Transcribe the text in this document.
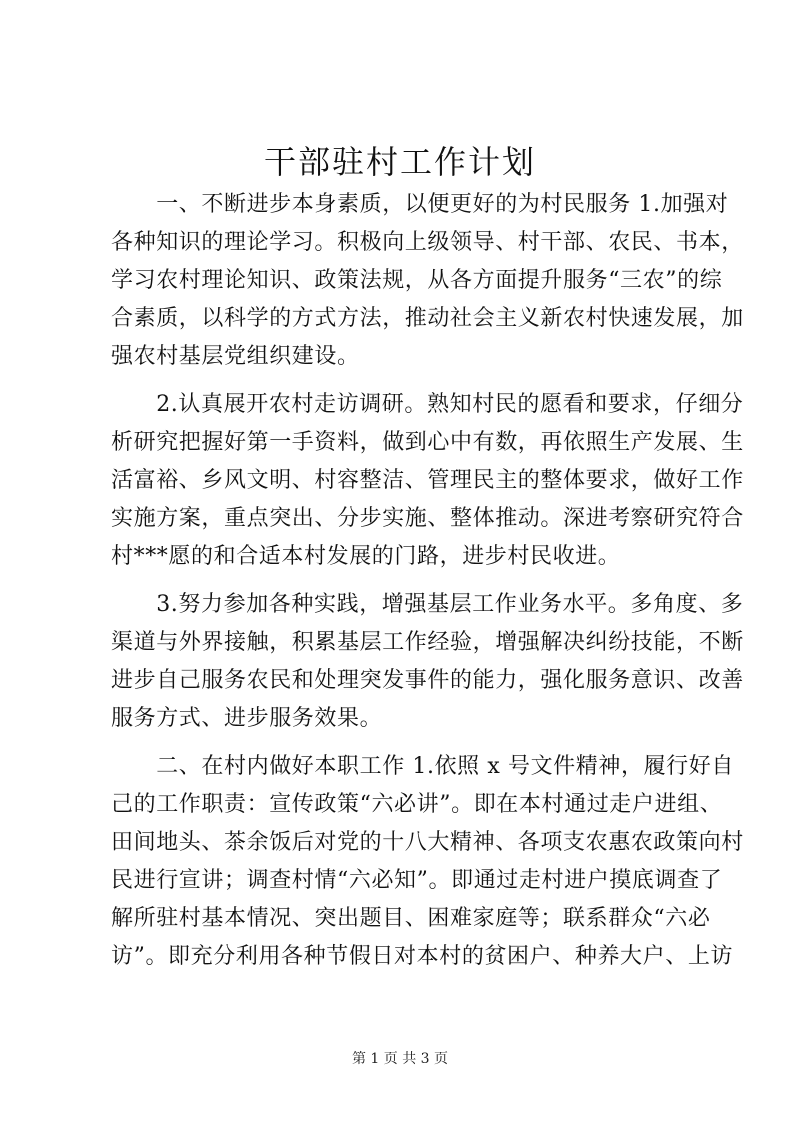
干部驻村工作计划
　　一、不断进步本身素质，以便更好的为村民服务 1.加强对
各种知识的理论学习。积极向上级领导、村干部、农民、书本，
学习农村理论知识、政策法规，从各方面提升服务“三农”的综
合素质，以科学的方式方法，推动社会主义新农村快速发展，加
强农村基层党组织建设。
　　2.认真展开农村走访调研。熟知村民的愿看和要求，仔细分
析研究把握好第一手资料，做到心中有数，再依照生产发展、生
活富裕、乡风文明、村容整洁、管理民主的整体要求，做好工作
实施方案，重点突出、分步实施、整体推动。深进考察研究符合
村***愿的和合适本村发展的门路，进步村民收进。
　　3.努力参加各种实践，增强基层工作业务水平。多角度、多
渠道与外界接触，积累基层工作经验，增强解决纠纷技能，不断
进步自己服务农民和处理突发事件的能力，强化服务意识、改善
服务方式、进步服务效果。
　　二、在村内做好本职工作 1.依照 x 号文件精神，履行好自
己的工作职责：宣传政策“六必讲”。即在本村通过走户进组、
田间地头、茶余饭后对党的十八大精神、各项支农惠农政策向村
民进行宣讲；调查村情“六必知”。即通过走村进户摸底调查了
解所驻村基本情况、突出题目、困难家庭等；联系群众“六必
访”。即充分利用各种节假日对本村的贫困户、种养大户、上访
第 1 页 共 3 页
